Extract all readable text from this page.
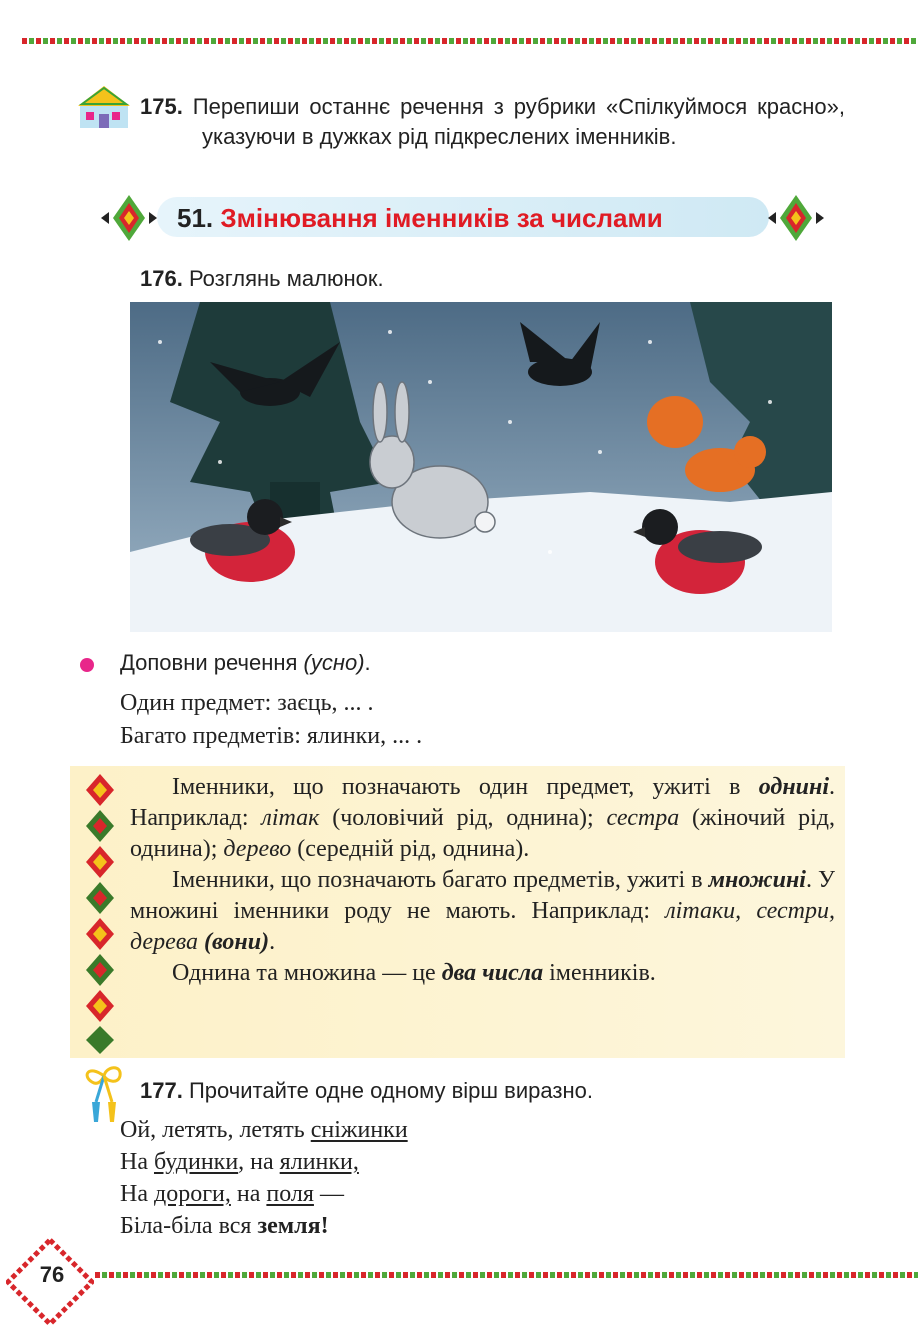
175. Перепиши останнє речення з рубрики «Спілкуймося красно», указуючи в дужках рід підкреслених іменників.
51. Змінювання іменників за числами
176. Розглянь малюнок.
Доповни речення (усно).
Один предмет: заєць, ... .
Багато предметів: ялинки, ... .

Іменники, що позначають один предмет, ужиті в однині. Наприклад: літак (чоловічий рід, однина); сестра (жіночий рід, однина); дерево (середній рід, однина).

Іменники, що позначають багато предметів, ужиті в множині. У множині іменники роду не мають. Наприклад: літаки, сестри, дерева (вони).

Однина та множина — це два числа іменників.

177. Прочитайте одне одному вірш виразно.
Ой, летять, летять сніжинки
На будинки, на ялинки,
На дороги, на поля —
Біла-біла вся земля!
76
